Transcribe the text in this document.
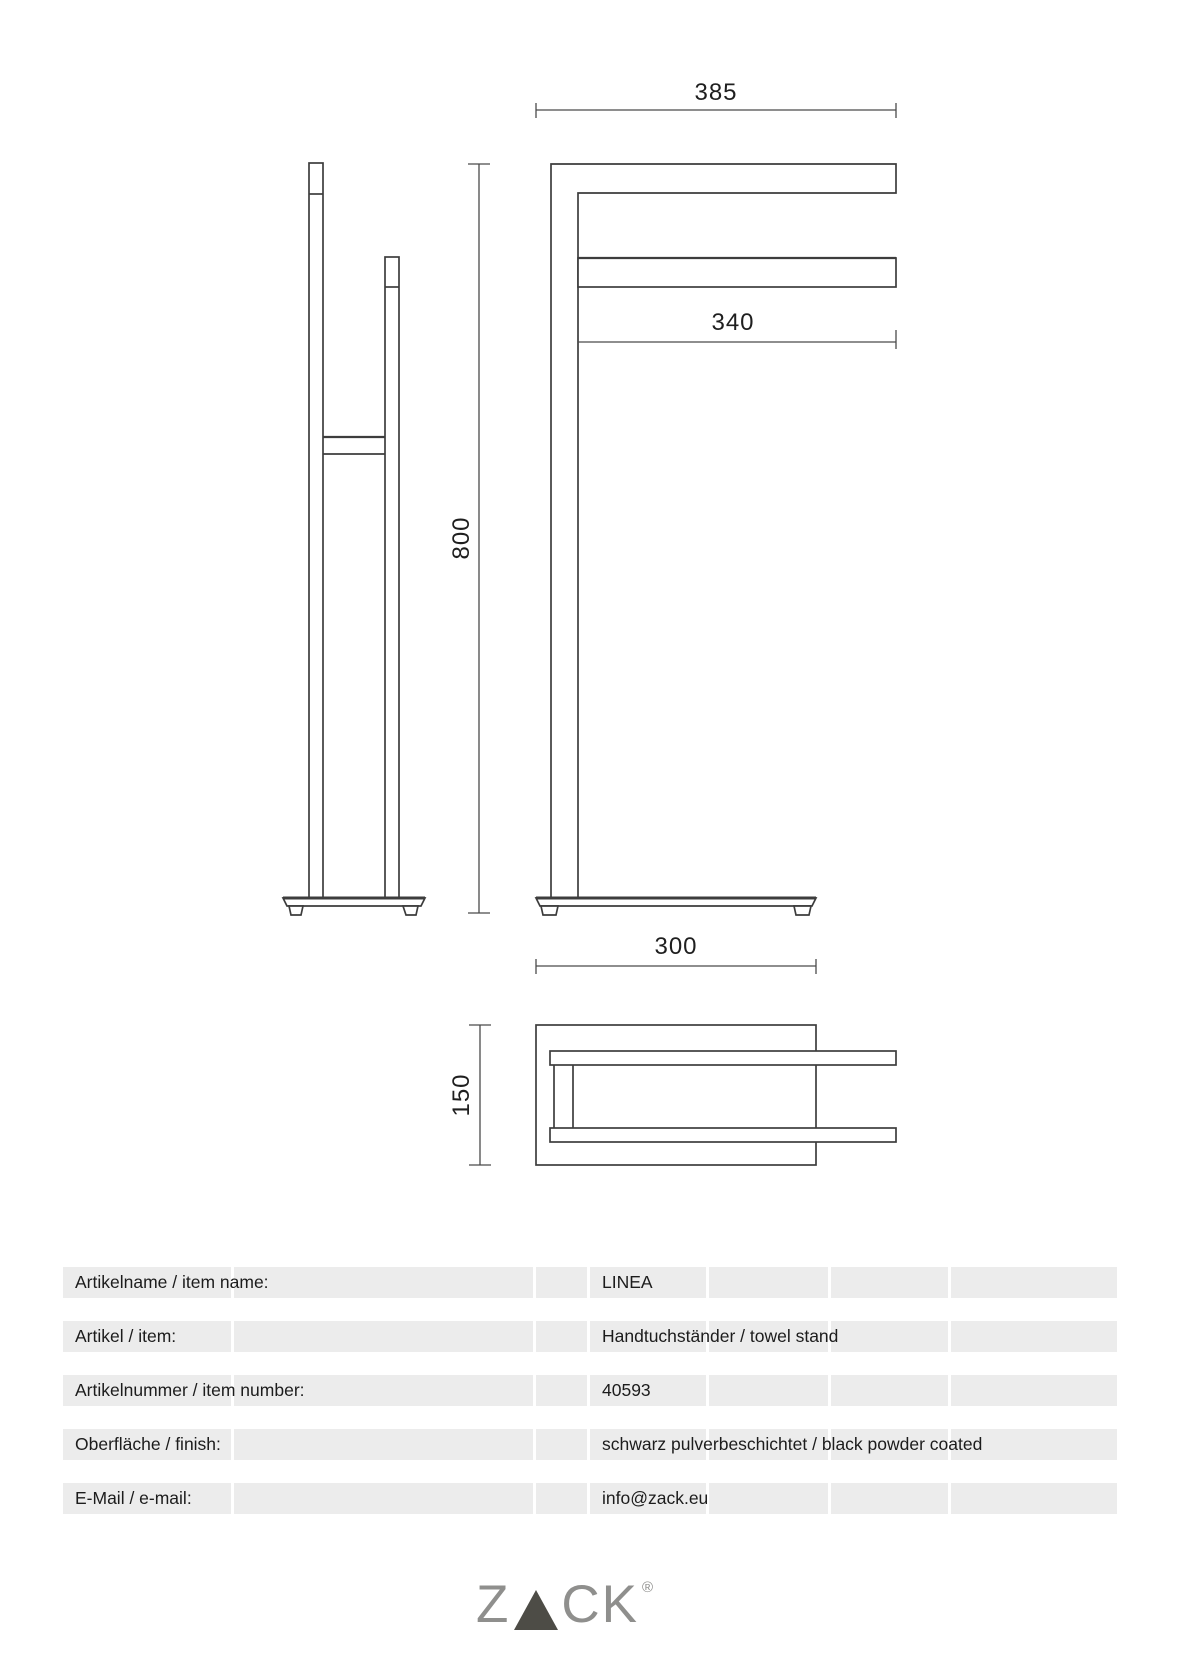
385
340
800
300
150
Artikelname / item name:	LINEA
Artikel / item:	Handtuchständer / towel stand
Artikelnummer / item number:	40593
Oberfläche / finish:	schwarz pulverbeschichtet / black powder coated
E-Mail / e-mail:	info@zack.eu
Z CK ®
